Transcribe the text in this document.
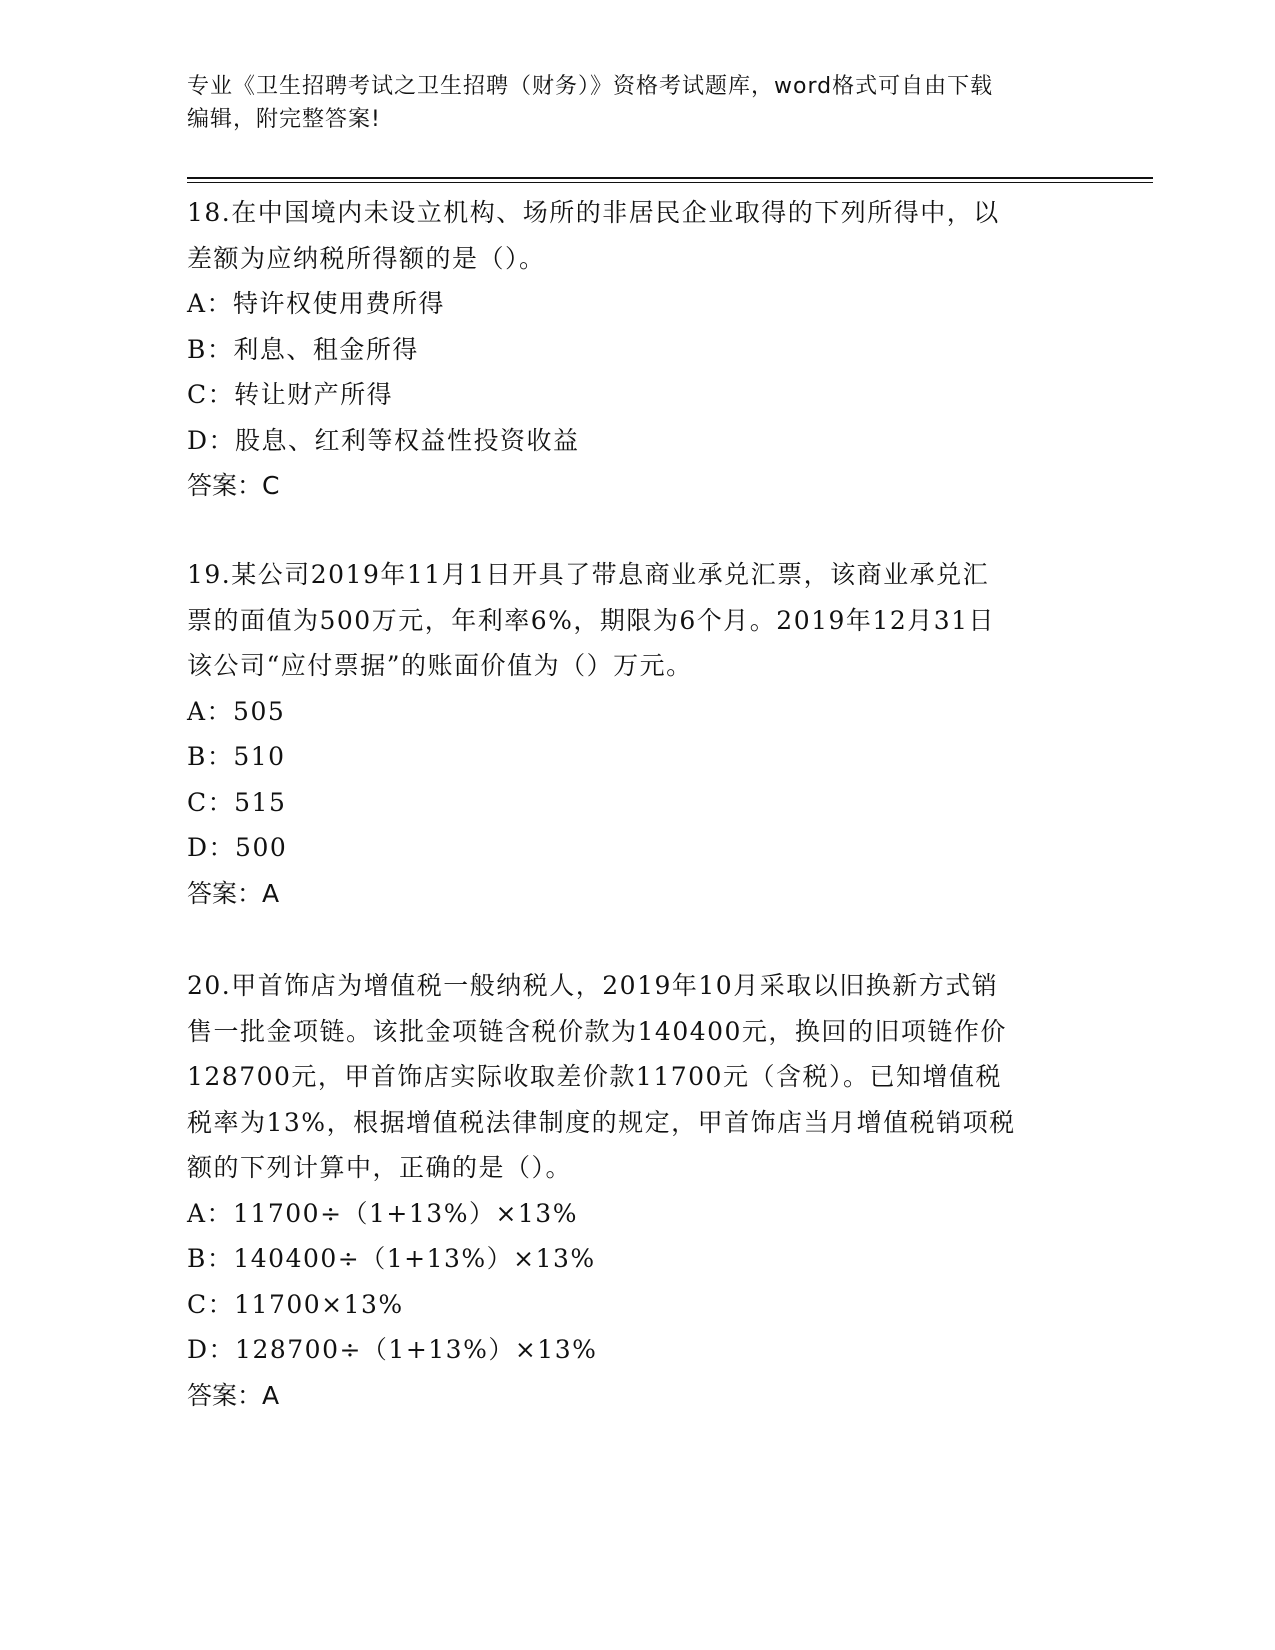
专业《卫生招聘考试之卫生招聘（财务）》资格考试题库，word格式可自由下载
编辑，附完整答案!
18.在中国境内未设立机构、场所的非居民企业取得的下列所得中，以
差额为应纳税所得额的是（）。
A：特许权使用费所得
B：利息、租金所得
C：转让财产所得
D：股息、红利等权益性投资收益
答案：C
19.某公司2019年11月1日开具了带息商业承兑汇票，该商业承兑汇
票的面值为500万元，年利率6%，期限为6个月。2019年12月31日
该公司“应付票据”的账面价值为（）万元。
A：505
B：510
C：515
D：500
答案：A
20.甲首饰店为增值税一般纳税人，2019年10月采取以旧换新方式销
售一批金项链。该批金项链含税价款为140400元，换回的旧项链作价
128700元，甲首饰店实际收取差价款11700元（含税）。已知增值税
税率为13%，根据增值税法律制度的规定，甲首饰店当月增值税销项税
额的下列计算中，正确的是（）。
A：11700÷（1+13%）×13%
B：140400÷（1+13%）×13%
C：11700×13%
D：128700÷（1+13%）×13%
答案：A
